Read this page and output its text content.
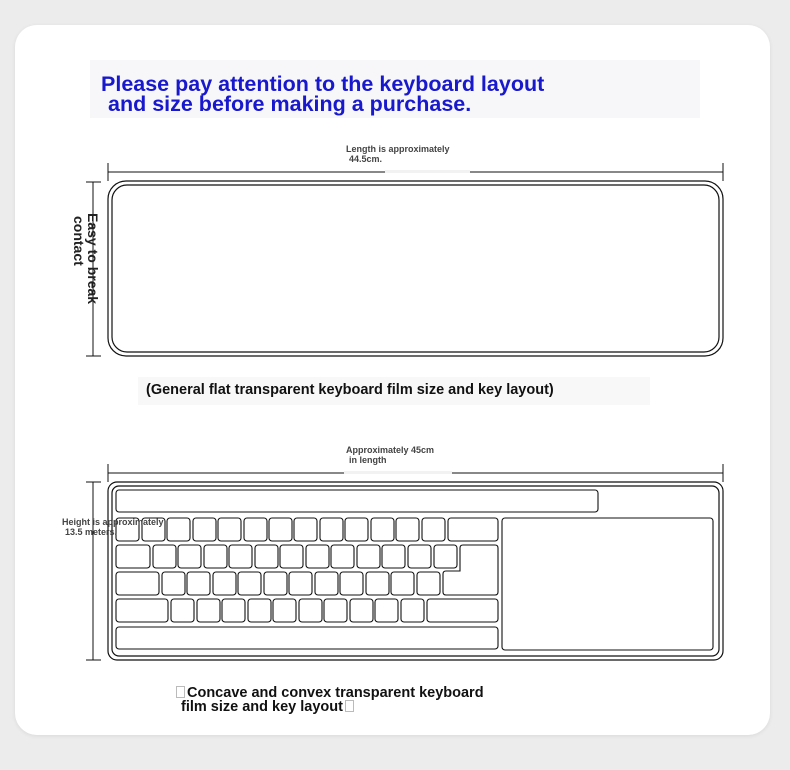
Please pay attention to the keyboard layout
and size before making a purchase.
Length is approximately
44.5cm.
Easy to break
contact
(General flat transparent keyboard film size and key layout)
Approximately 45cm
in length
Height is approximately
13.5 meters.
Concave and convex transparent keyboard
film size and key layout
